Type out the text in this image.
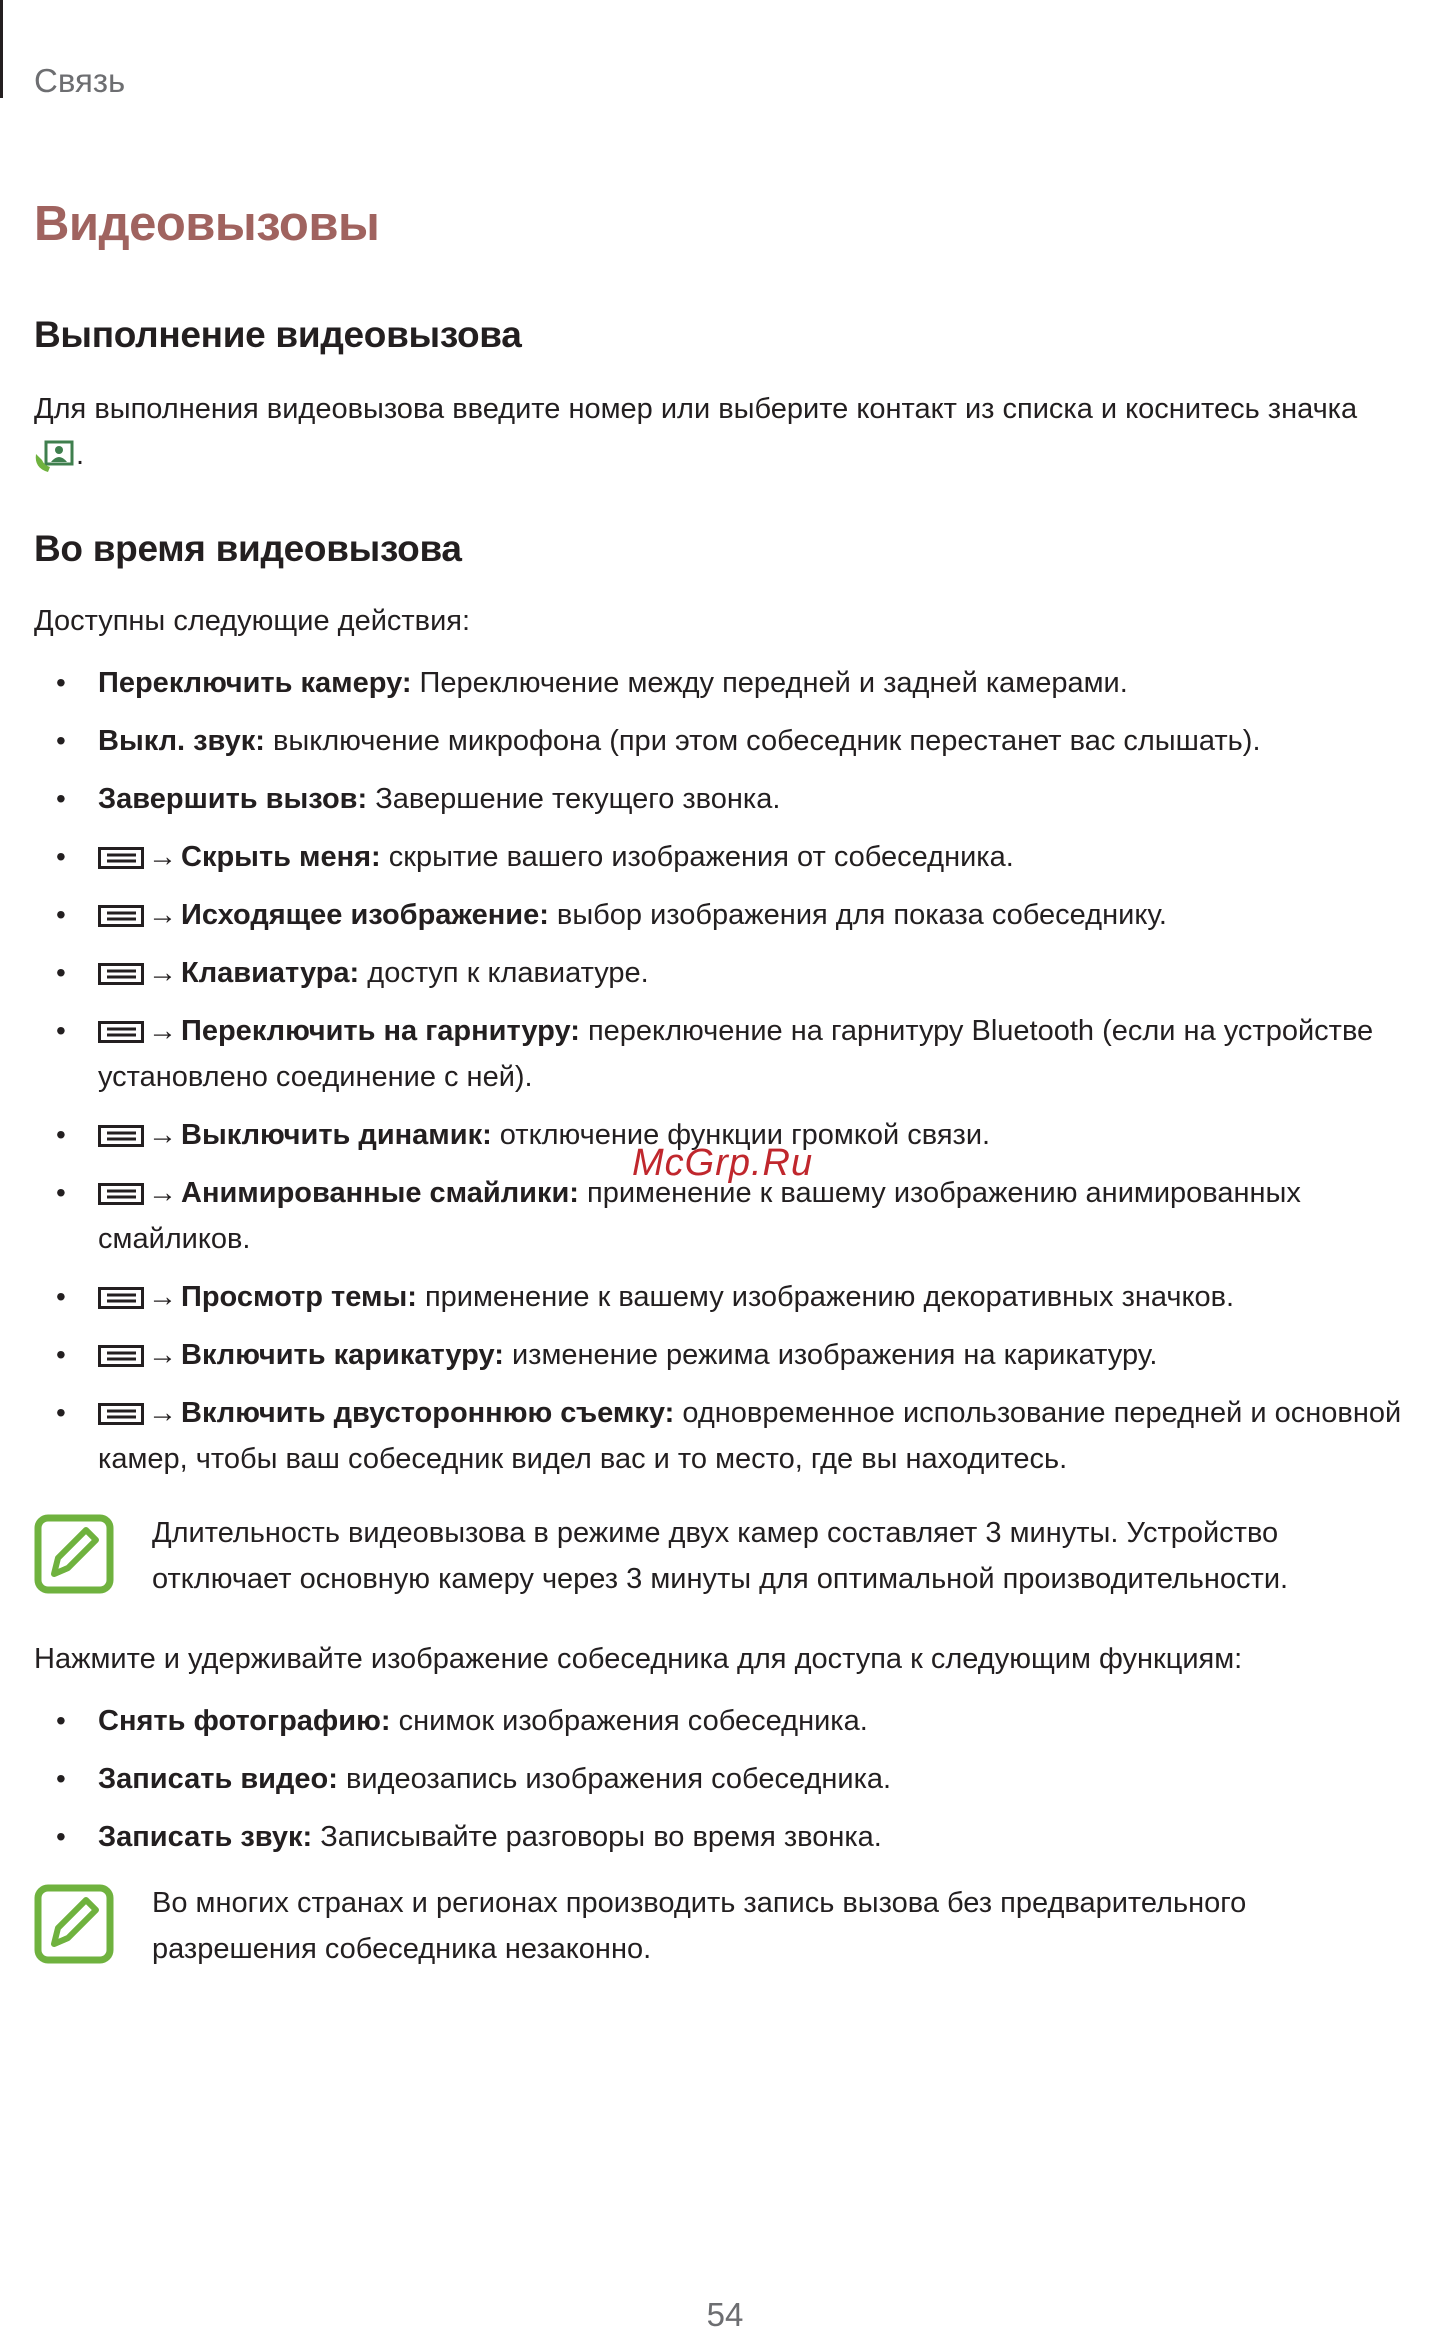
Связь
Видеовызовы
Выполнение видеовызова
Для выполнения видеовызова введите номер или выберите контакт из списка и коснитесь значка
.
Во время видеовызова
Доступны следующие действия:
• Переключить камеру: Переключение между передней и задней камерами.
• Выкл. звук: выключение микрофона (при этом собеседник перестанет вас слышать).
• Завершить вызов: Завершение текущего звонка.
•	→ Скрыть меня: скрытие вашего изображения от собеседника.
•	→ Исходящее изображение: выбор изображения для показа собеседнику.
•	→ Клавиатура: доступ к клавиатуре.
•	→ Переключить на гарнитуру: переключение на гарнитуру Bluetooth (если на устройстве установлено соединение с ней).
•	→ Выключить динамик: отключение функции громкой связи.
•	→ Анимированные смайлики: применение к вашему изображению анимированных смайликов.
•	→ Просмотр темы: применение к вашему изображению декоративных значков.
•	→ Включить карикатуру: изменение режима изображения на карикатуру.
•	→ Включить двустороннюю съемку: одновременное использование передней и основной камер, чтобы ваш собеседник видел вас и то место, где вы находитесь.
Длительность видеовызова в режиме двух камер составляет 3 минуты. Устройство отключает основную камеру через 3 минуты для оптимальной производительности.
Нажмите и удерживайте изображение собеседника для доступа к следующим функциям:
• Снять фотографию: снимок изображения собеседника.
• Записать видео: видеозапись изображения собеседника.
• Записать звук: Записывайте разговоры во время звонка.
Во многих странах и регионах производить запись вызова без предварительного разрешения собеседника незаконно.
McGrp.Ru
54
